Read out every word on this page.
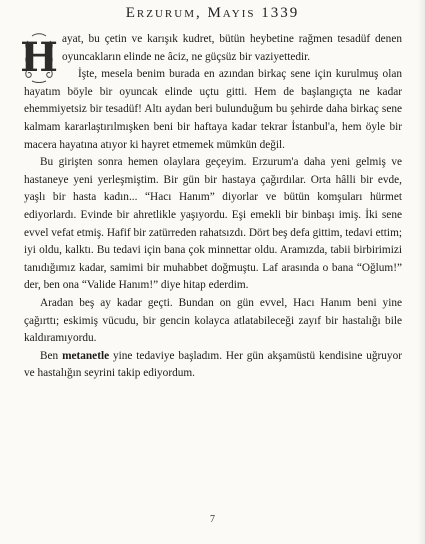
Erzurum, Mayıs 1339

H ayat, bu çetin ve karışık kudret, bütün heybetine rağmen tesadüf denen oyuncakların elinde ne âciz, ne güçsüz bir vaziyettedir.

İşte, mesela benim burada en azından birkaç sene için kurulmuş olan hayatım böyle bir oyuncak elinde uçtu gitti. Hem de başlangıçta ne kadar ehemmiyetsiz bir tesadüf! Altı aydan beri bulunduğum bu şehirde daha birkaç sene kalmam kararlaştırılmışken beni bir haftaya kadar tekrar İstanbul'a, hem öyle bir macera hayatına atıyor ki hayret etmemek mümkün değil.

Bu girişten sonra hemen olaylara geçeyim. Erzurum'a daha yeni gelmiş ve hastaneye yeni yerleşmiştim. Bir gün bir hastaya çağırdılar. Orta hâlli bir evde, yaşlı bir hasta kadın... “Hacı Hanım” diyorlar ve bütün komşuları hürmet ediyorlardı. Evinde bir ahretlikle yaşıyordu. Eşi emekli bir binbaşı imiş. İki sene evvel vefat etmiş. Hafif bir zatürreden rahatsızdı. Dört beş defa gittim, tedavi ettim; iyi oldu, kalktı. Bu tedavi için bana çok minnettar oldu. Aramızda, tabii birbirimizi tanıdığımız kadar, samimi bir muhabbet doğmuştu. Laf arasında o bana “Oğlum!” der, ben ona “Valide Hanım!” diye hitap ederdim.

Aradan beş ay kadar geçti. Bundan on gün evvel, Hacı Hanım beni yine çağırttı; eskimiş vücudu, bir gencin kolayca atlatabileceği zayıf bir hastalığı bile kaldıramıyordu.

Ben metanetle yine tedaviye başladım. Her gün akşamüstü kendisine uğruyor ve hastalığın seyrini takip ediyordum.

7
